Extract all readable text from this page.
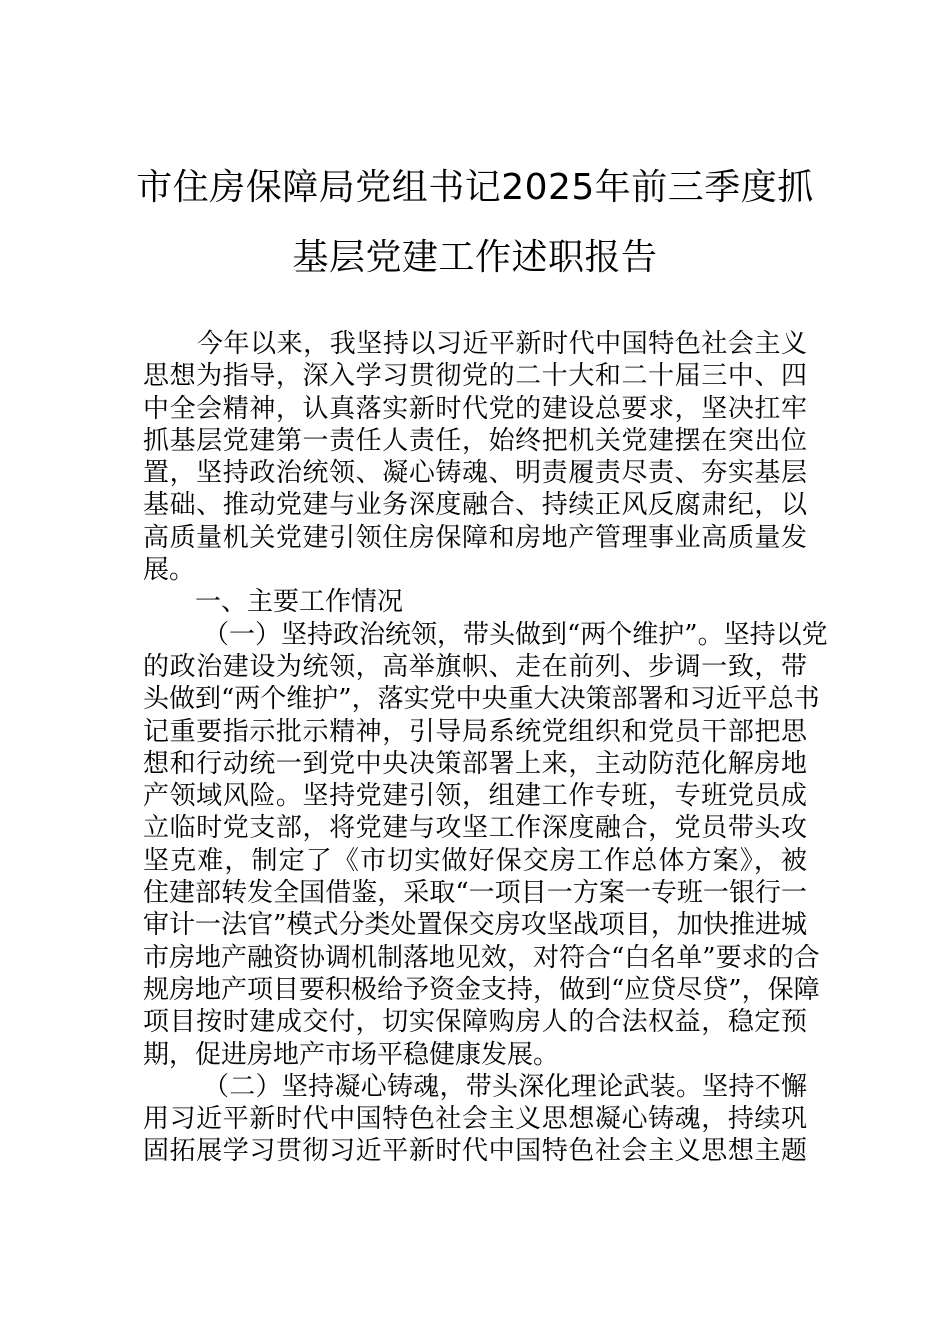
市住房保障局党组书记2025年前三季度抓
基层党建工作述职报告

今年以来，我坚持以习近平新时代中国特色社会主义

思想为指导，深入学习贯彻党的二十大和二十届三中、四

中全会精神，认真落实新时代党的建设总要求，坚决扛牢

抓基层党建第一责任人责任，始终把机关党建摆在突出位

置，坚持政治统领、凝心铸魂、明责履责尽责、夯实基层

基础、推动党建与业务深度融合、持续正风反腐肃纪，以

高质量机关党建引领住房保障和房地产管理事业高质量发

展。

一、主要工作情况

（一）坚持政治统领，带头做到“两个维护”。坚持以党

的政治建设为统领，高举旗帜、走在前列、步调一致，带

头做到“两个维护”，落实党中央重大决策部署和习近平总书

记重要指示批示精神，引导局系统党组织和党员干部把思

想和行动统一到党中央决策部署上来，主动防范化解房地

产领域风险。坚持党建引领，组建工作专班，专班党员成

立临时党支部，将党建与攻坚工作深度融合，党员带头攻

坚克难，制定了《市切实做好保交房工作总体方案》，被

住建部转发全国借鉴，采取“一项目一方案一专班一银行一

审计一法官”模式分类处置保交房攻坚战项目，加快推进城

市房地产融资协调机制落地见效，对符合“白名单”要求的合

规房地产项目要积极给予资金支持，做到“应贷尽贷”，保障

项目按时建成交付，切实保障购房人的合法权益，稳定预

期，促进房地产市场平稳健康发展。

（二）坚持凝心铸魂，带头深化理论武装。坚持不懈

用习近平新时代中国特色社会主义思想凝心铸魂，持续巩

固拓展学习贯彻习近平新时代中国特色社会主义思想主题
